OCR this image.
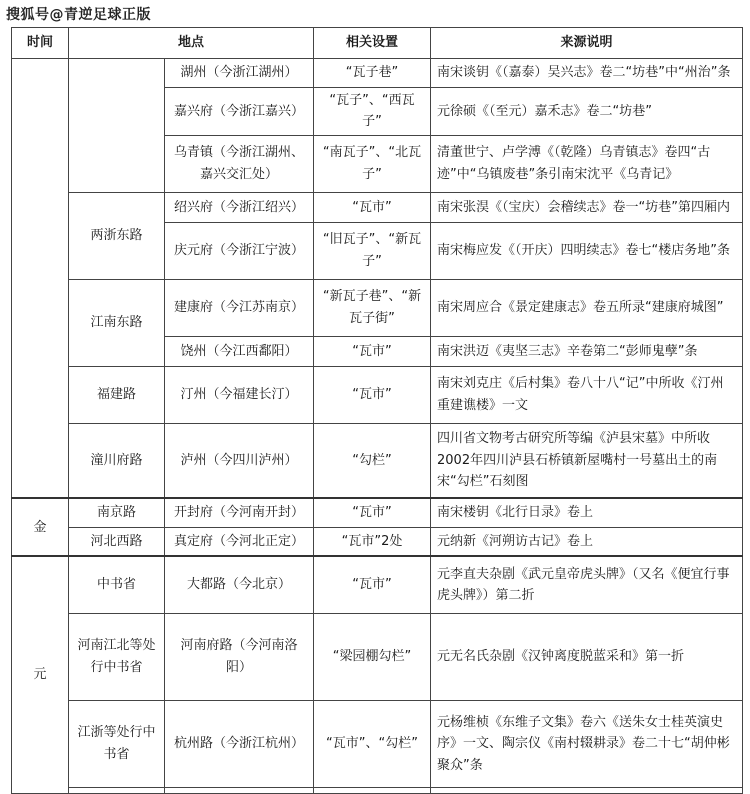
搜狐号@青逆足球正版
时间	地点		相关设置	来源说明
		湖州（今浙江湖州）	“瓦子巷”	南宋谈钥《（嘉泰）吴兴志》卷二“坊巷”中“州治”条
		嘉兴府（今浙江嘉兴）	“瓦子”、“西瓦子”	元徐硕《（至元）嘉禾志》卷二“坊巷”
		乌青镇（今浙江湖州、嘉兴交汇处）	“南瓦子”、“北瓦子”	清董世宁、卢学溥《（乾隆）乌青镇志》卷四“古迹”中“乌镇废巷”条引南宋沈平《乌青记》
	两浙东路	绍兴府（今浙江绍兴）	“瓦市”	南宋张淏《（宝庆）会稽续志》卷一“坊巷”第四厢内
		庆元府（今浙江宁波）	“旧瓦子”、“新瓦子”	南宋梅应发《（开庆）四明续志》卷七“楼店务地”条
	江南东路	建康府（今江苏南京）	“新瓦子巷”、“新瓦子街”	南宋周应合《景定建康志》卷五所录“建康府城图”
		饶州（今江西鄱阳）	“瓦市”	南宋洪迈《夷坚三志》辛卷第二“彭师鬼孽”条
	福建路	汀州（今福建长汀）	“瓦市”	南宋刘克庄《后村集》卷八十八“记”中所收《汀州重建谯楼》一文
	潼川府路	泸州（今四川泸州）	“勾栏”	四川省文物考古研究所等编《泸县宋墓》中所收2002年四川泸县石桥镇新屋嘴村一号墓出土的南宋“勾栏”石刻图
金	南京路	开封府（今河南开封）	“瓦市”	南宋楼钥《北行日录》卷上
	河北西路	真定府（今河北正定）	“瓦市”2处	元纳新《河朔访古记》卷上
元	中书省	大都路（今北京）	“瓦市”	元李直夫杂剧《武元皇帝虎头牌》（又名《便宜行事虎头牌》）第二折
	河南江北等处行中书省	河南府路（今河南洛阳）	“梁园棚勾栏”	元无名氏杂剧《汉钟离度脱蓝采和》第一折
	江浙等处行中书省	杭州路（今浙江杭州）	“瓦市”、“勾栏”	元杨维桢《东维子文集》卷六《送朱女士桂英演史序》一文、陶宗仪《南村辍耕录》卷二十七“胡仲彬聚众”条
